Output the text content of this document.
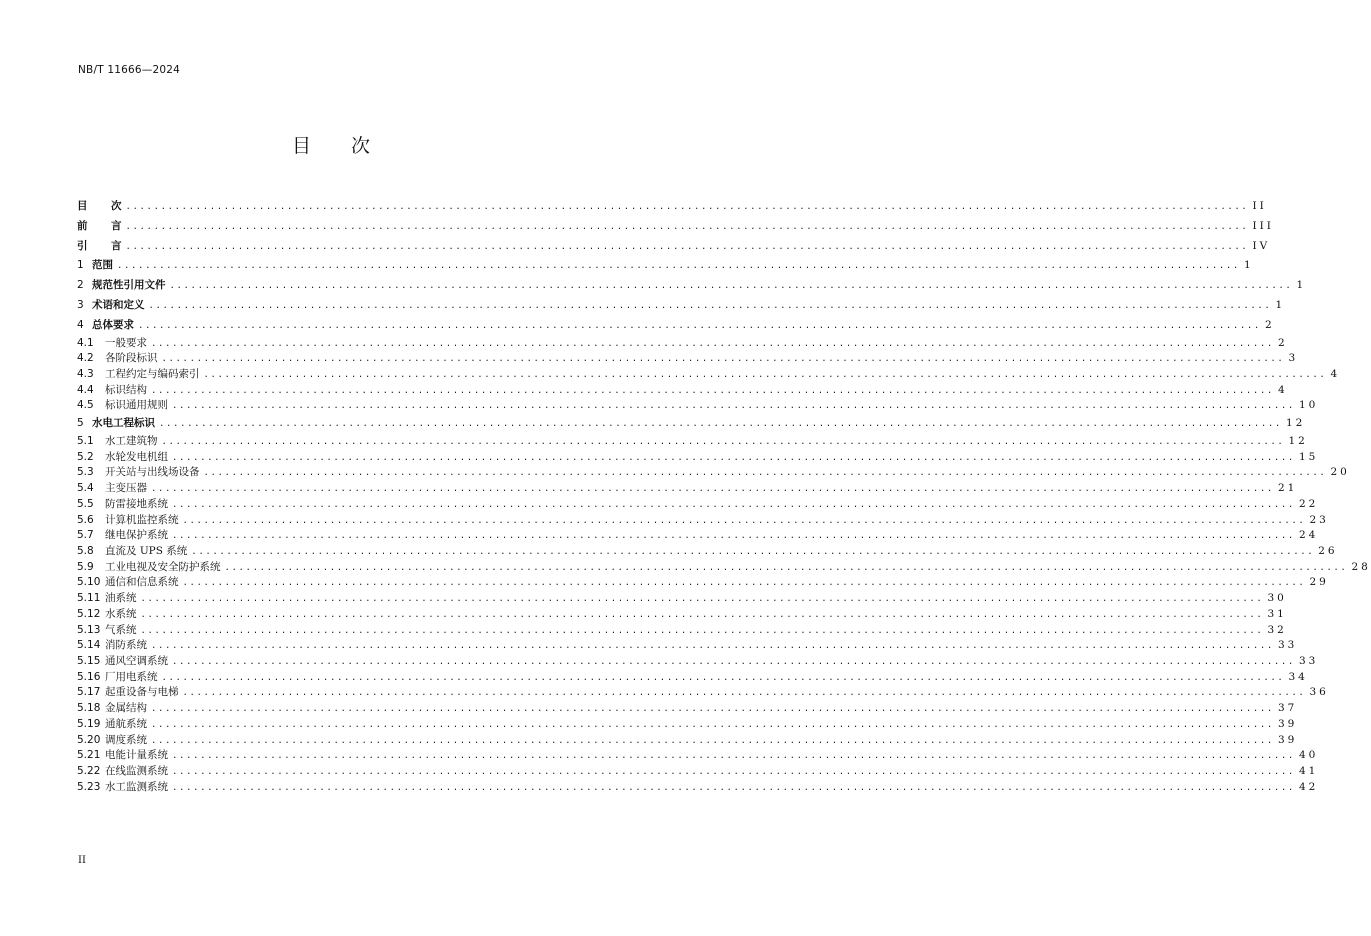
NB/T 11666—2024
目 次
目 次 ................................................................................................................................................................ II
前 言 ................................................................................................................................................................ III
引 言 ................................................................................................................................................................ IV
1 范围 ................................................................................................................................................................ 1
2 规范性引用文件 ................................................................................................................................................................ 1
3 术语和定义 ................................................................................................................................................................ 1
4 总体要求 ................................................................................................................................................................ 2
4.1	一般要求 ................................................................................................................................................................ 2
4.2	各阶段标识 ................................................................................................................................................................ 3
4.3	工程约定与编码索引 ................................................................................................................................................................ 4
4.4	标识结构 ................................................................................................................................................................ 4
4.5	标识通用规则 ................................................................................................................................................................ 10
5 水电工程标识 ................................................................................................................................................................ 12
5.1	水工建筑物 ................................................................................................................................................................ 12
5.2	水轮发电机组 ................................................................................................................................................................ 15
5.3	开关站与出线场设备 ................................................................................................................................................................ 20
5.4	主变压器 ................................................................................................................................................................ 21
5.5	防雷接地系统 ................................................................................................................................................................ 22
5.6	计算机监控系统 ................................................................................................................................................................ 23
5.7	继电保护系统 ................................................................................................................................................................ 24
5.8	直流及 UPS 系统 ................................................................................................................................................................ 26
5.9	工业电视及安全防护系统 ................................................................................................................................................................ 28
5.10 通信和信息系统 ................................................................................................................................................................ 29
5.11 油系统 ................................................................................................................................................................ 30
5.12 水系统 ................................................................................................................................................................ 31
5.13 气系统 ................................................................................................................................................................ 32
5.14 消防系统 ................................................................................................................................................................ 33
5.15 通风空调系统 ................................................................................................................................................................ 33
5.16 厂用电系统 ................................................................................................................................................................ 34
5.17 起重设备与电梯 ................................................................................................................................................................ 36
5.18 金属结构 ................................................................................................................................................................ 37
5.19 通航系统 ................................................................................................................................................................ 39
5.20 调度系统 ................................................................................................................................................................ 39
5.21 电能计量系统 ................................................................................................................................................................ 40
5.22 在线监测系统 ................................................................................................................................................................ 41
5.23 水工监测系统 ................................................................................................................................................................ 42
II
